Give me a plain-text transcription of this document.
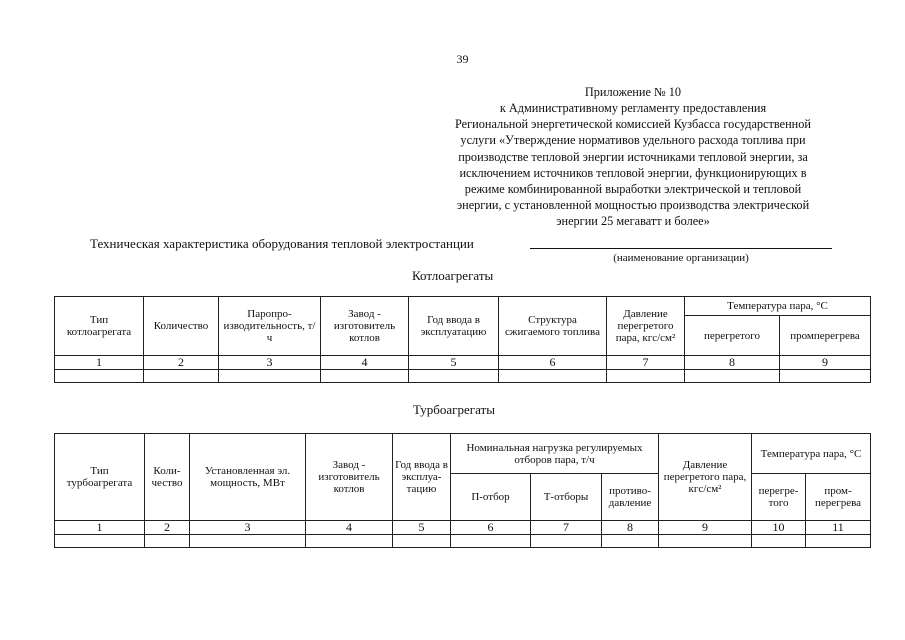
39
Приложение № 10
к Административному регламенту предоставления
Региональной энергетической комиссией Кузбасса государственной
услуги «Утверждение нормативов удельного расхода топлива при
производстве тепловой энергии источниками тепловой энергии, за
исключением источников тепловой энергии, функционирующих в
режиме комбинированной выработки электрической и тепловой
энергии, с установленной мощностью производства электрической
энергии 25 мегаватт и более»
Техническая характеристика оборудования тепловой электростанции
(наименование организации)
Котлоагрегаты
Тип котлоагрегата	Количество	Паропро-изводительность, т/ч	Завод - изготовитель котлов	Год ввода в эксплуатацию	Структура сжигаемого топлива	Давление перегретого пара, кгс/см²	Температура пара, °С	
							перегретого	промперегрева
1	2	3	4	5	6	7	8	9

Турбоагрегаты
Тип турбоагрегата	Коли-чество	Установленная эл. мощность, МВт	Завод - изготовитель котлов	Год ввода в эксплуа-тацию	Номинальная нагрузка регулируемых отборов пара, т/ч			Давление перегретого пара, кгс/см²	Температура пара, °С	
					П-отбор	Т-отборы	противо-давление		перегре-того	пром-перегрева
1	2	3	4	5	6	7	8	9	10	11
